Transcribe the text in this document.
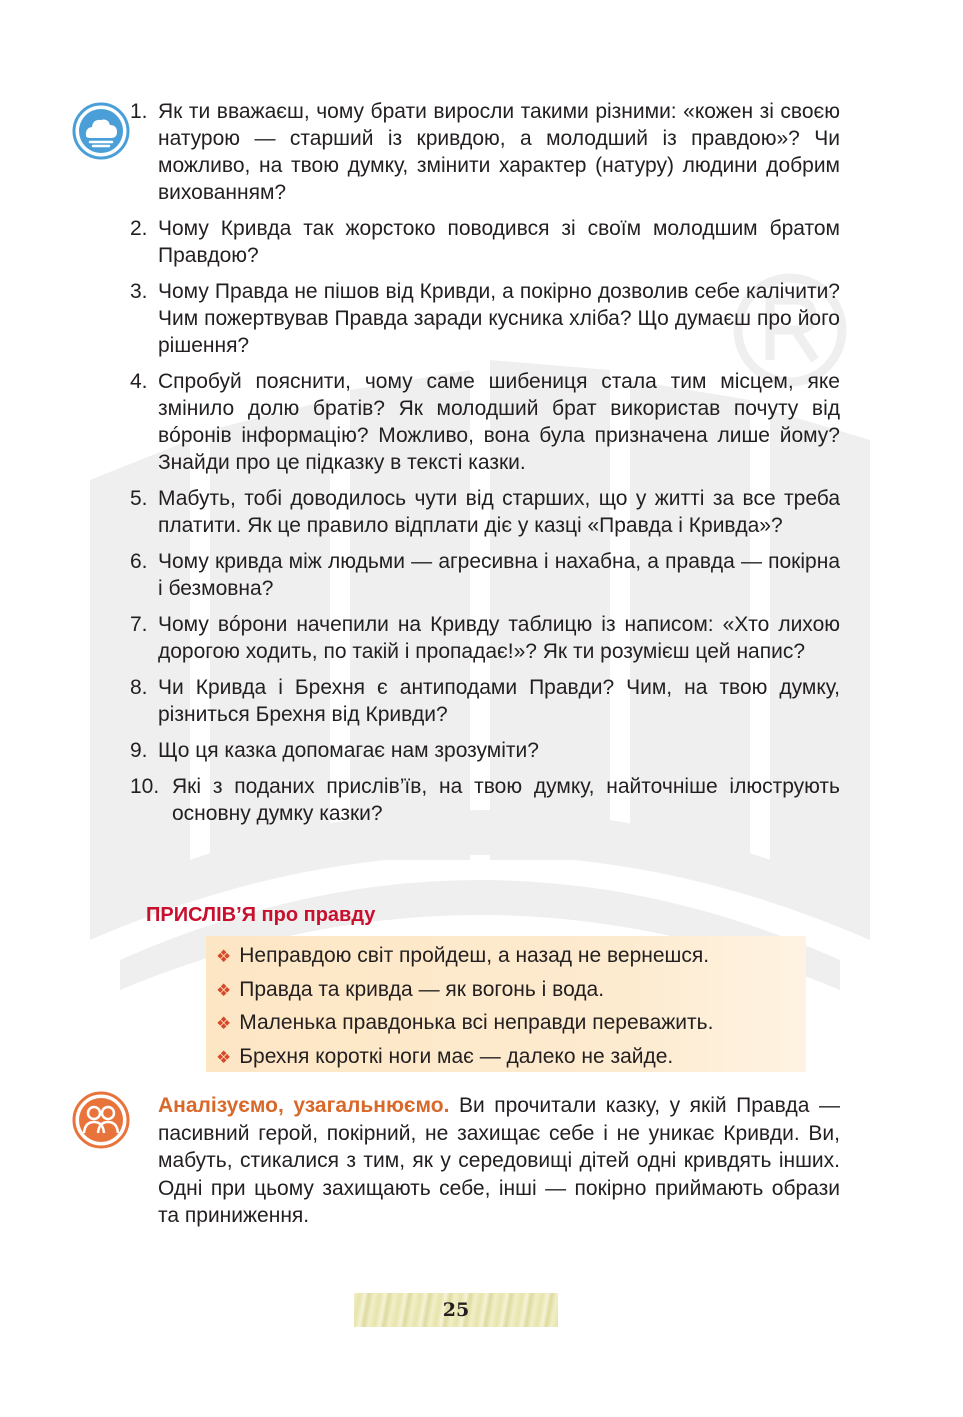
1. Як ти вважаєш, чому брати виросли такими різними: «кожен зі своєю натурою — старший із кривдою, а молодший із правдою»? Чи можливо, на твою думку, змінити характер (натуру) людини добрим вихованням?
2. Чому Кривда так жорстоко поводився зі своїм молодшим братом Правдою?
3. Чому Правда не пішов від Кривди, а покірно дозволив себе калічити? Чим пожертвував Правда заради кусника хліба? Що думаєш про його рішення?
4. Спробуй пояснити, чому саме шибениця стала тим місцем, яке змінило долю братів? Як молодший брат використав почуту від вóронів інформацію? Можливо, вона була призначена лише йому? Знайди про це підказку в тексті казки.
5. Мабуть, тобі доводилось чути від старших, що у житті за все треба платити. Як це правило відплати діє у казці «Правда і Кривда»?
6. Чому кривда між людьми — агресивна і нахабна, а правда — покірна і безмовна?
7. Чому вóрони начепили на Кривду таблицю із написом: «Хто лихою дорогою ходить, по такій і пропадає!»? Як ти розумієш цей напис?
8. Чи Кривда і Брехня є антиподами Правди? Чим, на твою думку, різниться Брехня від Кривди?
9. Що ця казка допомагає нам зрозуміти?
10. Які з поданих прислів’їв, на твою думку, найточніше ілюструють основну думку казки?
ПРИСЛІВ’Я про правду
❖ Неправдою світ пройдеш, а назад не вернешся.
❖ Правда та кривда — як вогонь і вода.
❖ Маленька правдонька всі неправди переважить.
❖ Брехня короткі ноги має — далеко не зайде.

Аналізуємо, узагальнюємо. Ви прочитали казку, у якій Правда — пасивний герой, покірний, не захищає себе і не уникає Кривди. Ви, мабуть, стикалися з тим, як у середовищі дітей одні кривдять інших. Одні при цьому захищають себе, інші — покірно приймають образи та приниження.

25
